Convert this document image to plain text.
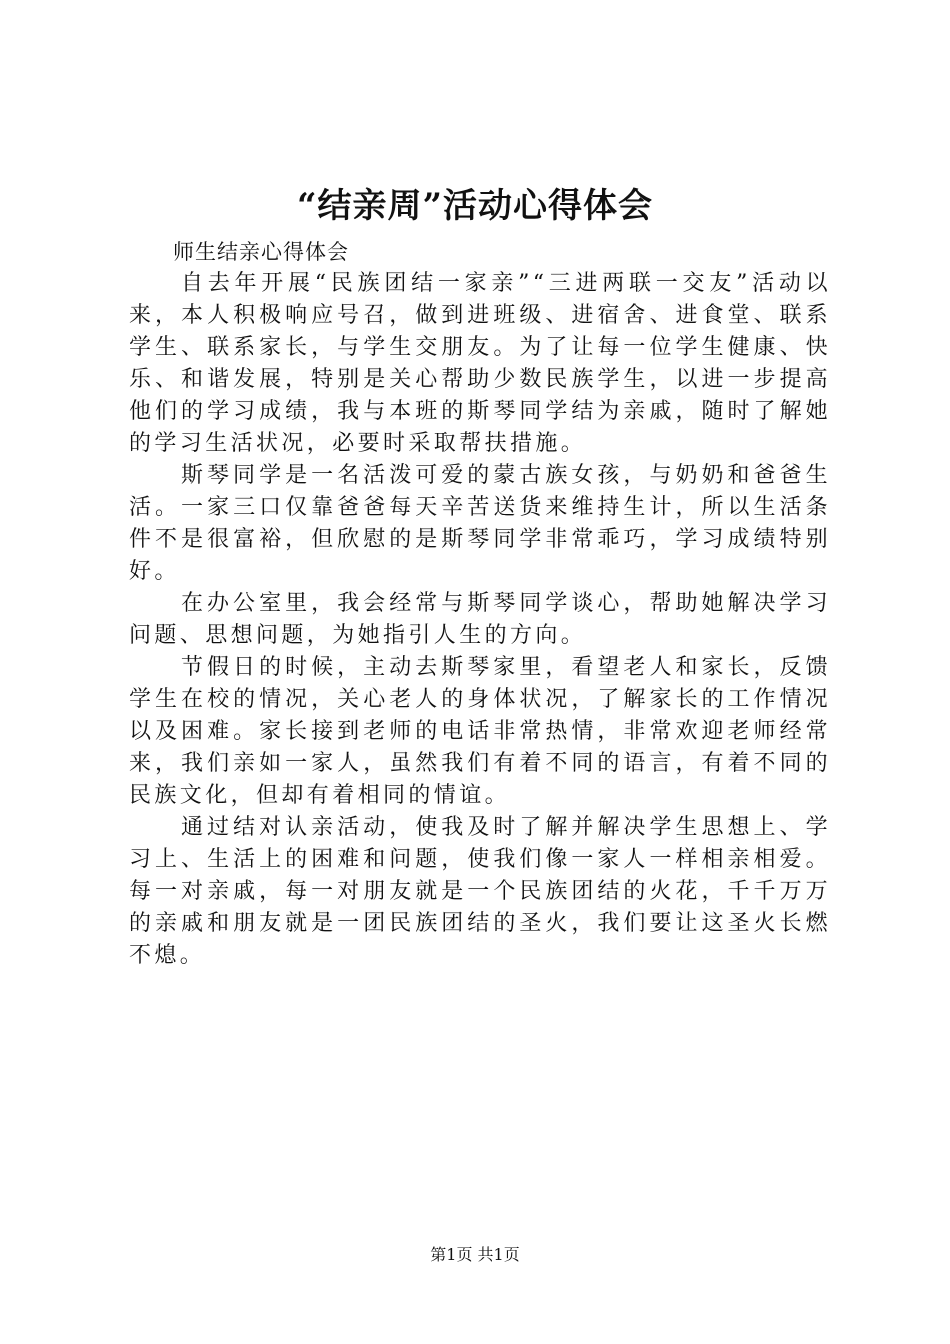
“结亲周”活动心得体会
师生结亲心得体会

自去年开展“民族团结一家亲”“三进两联一交友”活动以来，本人积极响应号召，做到进班级、进宿舍、进食堂、联系学生、联系家长，与学生交朋友。为了让每一位学生健康、快乐、和谐发展，特别是关心帮助少数民族学生，以进一步提高他们的学习成绩，我与本班的斯琴同学结为亲戚，随时了解她的学习生活状况，必要时采取帮扶措施。

斯琴同学是一名活泼可爱的蒙古族女孩，与奶奶和爸爸生活。一家三口仅靠爸爸每天辛苦送货来维持生计，所以生活条件不是很富裕，但欣慰的是斯琴同学非常乖巧，学习成绩特别好。

在办公室里，我会经常与斯琴同学谈心，帮助她解决学习问题、思想问题，为她指引人生的方向。

节假日的时候，主动去斯琴家里，看望老人和家长，反馈学生在校的情况，关心老人的身体状况，了解家长的工作情况以及困难。家长接到老师的电话非常热情，非常欢迎老师经常来，我们亲如一家人，虽然我们有着不同的语言，有着不同的民族文化，但却有着相同的情谊。

通过结对认亲活动，使我及时了解并解决学生思想上、学习上、生活上的困难和问题，使我们像一家人一样相亲相爱。每一对亲戚，每一对朋友就是一个民族团结的火花，千千万万的亲戚和朋友就是一团民族团结的圣火，我们要让这圣火长燃不熄。

第1页 共1页
